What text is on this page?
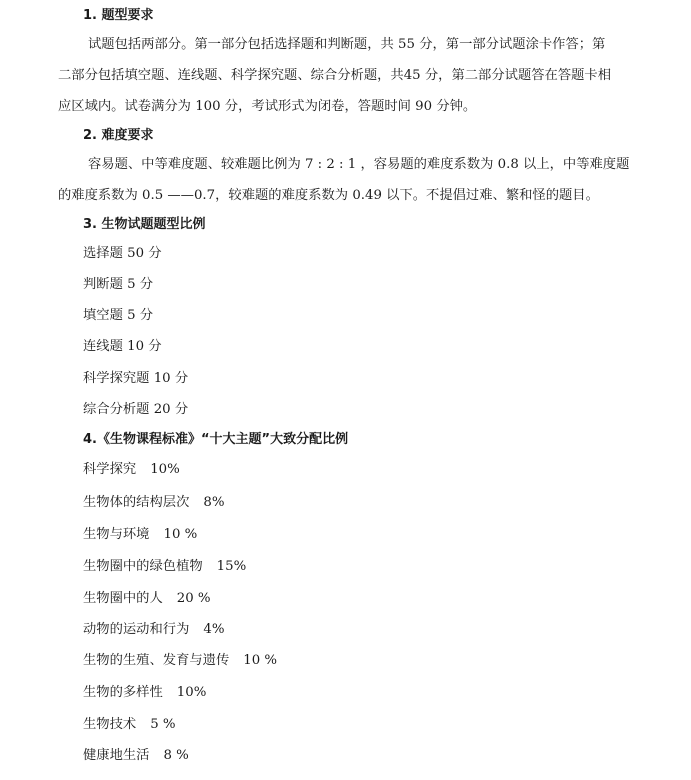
1. 题型要求
试题包括两部分。第一部分包括选择题和判断题，共 55 分，第一部分试题涂卡作答；第
二部分包括填空题、连线题、科学探究题、综合分析题，共45 分，第二部分试题答在答题卡相
应区域内。试卷满分为 100 分，考试形式为闭卷，答题时间 90 分钟。
2. 难度要求
容易题、中等难度题、较难题比例为 7 : 2 : 1 ，容易题的难度系数为 0.8 以上，中等难度题
的难度系数为 0.5 ——0.7，较难题的难度系数为 0.49 以下。不提倡过难、繁和怪的题目。
3. 生物试题题型比例
选择题 50 分
判断题 5 分
填空题 5 分
连线题 10 分
科学探究题 10 分
综合分析题 20 分
4.《生物课程标准》“十大主题”大致分配比例
科学探究 10%
生物体的结构层次 8%
生物与环境 10 %
生物圈中的绿色植物 15%
生物圈中的人 20 %
动物的运动和行为 4%
生物的生殖、发育与遗传 10 %
生物的多样性 10%
生物技术 5 %
健康地生活 8 %
